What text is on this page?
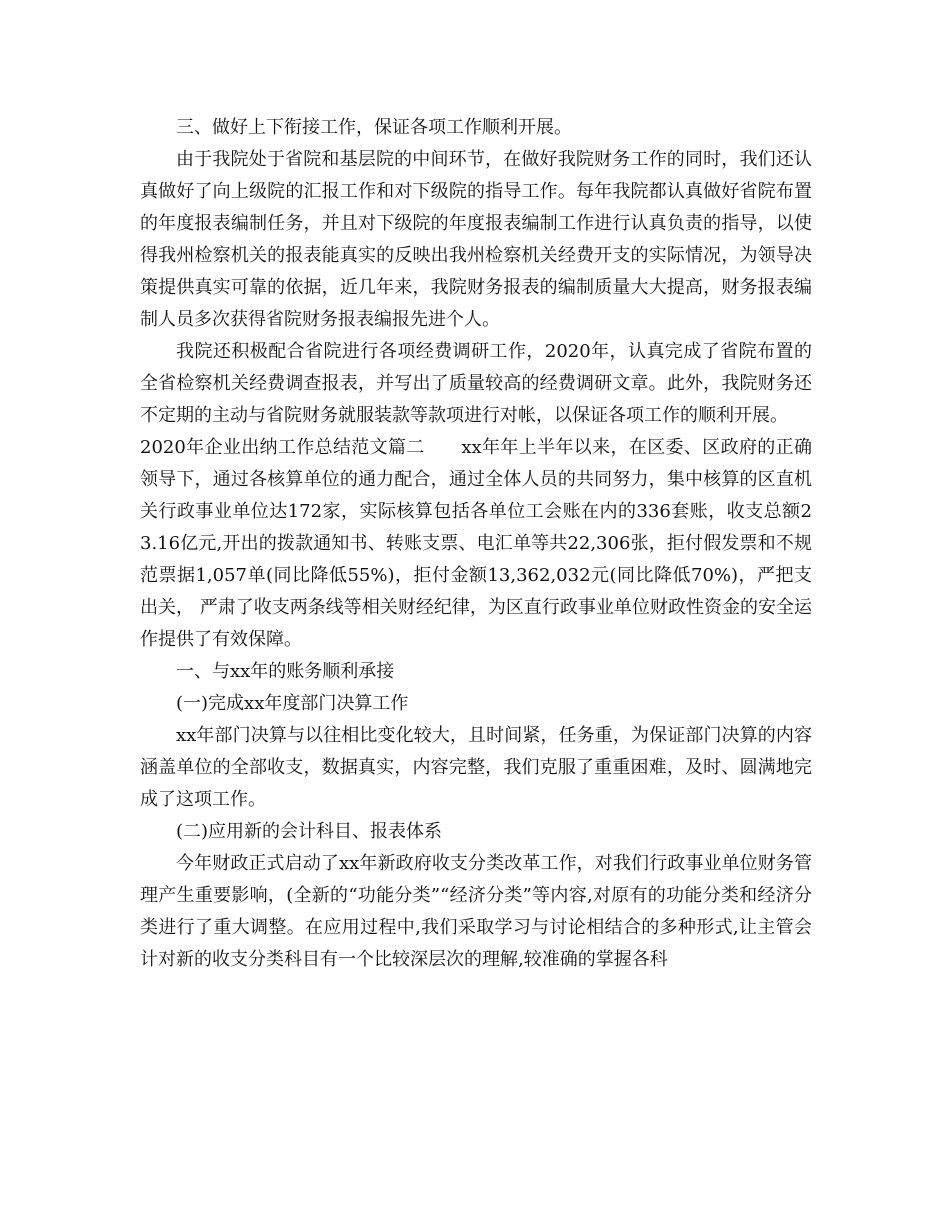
三、做好上下衔接工作，保证各项工作顺利开展。

由于我院处于省院和基层院的中间环节，在做好我院财务工作的同时，我们还认真做好了向上级院的汇报工作和对下级院的指导工作。每年我院都认真做好省院布置的年度报表编制任务，并且对下级院的年度报表编制工作进行认真负责的指导，以使得我州检察机关的报表能真实的反映出我州检察机关经费开支的实际情况，为领导决策提供真实可靠的依据，近几年来，我院财务报表的编制质量大大提高，财务报表编制人员多次获得省院财务报表编报先进个人。

我院还积极配合省院进行各项经费调研工作，2020年，认真完成了省院布置的全省检察机关经费调查报表，并写出了质量较高的经费调研文章。此外，我院财务还不定期的主动与省院财务就服装款等款项进行对帐，以保证各项工作的顺利开展。

2020年企业出纳工作总结范文篇二　　xx年年上半年以来，在区委、区政府的正确领导下，通过各核算单位的通力配合，通过全体人员的共同努力，集中核算的区直机关行政事业单位达172家，实际核算包括各单位工会账在内的336套账，收支总额23.16亿元,开出的拨款通知书、转账支票、电汇单等共22,306张，拒付假发票和不规范票据1,057单(同比降低55%)，拒付金额13,362,032元(同比降低70%)，严把支出关， 严肃了收支两条线等相关财经纪律，为区直行政事业单位财政性资金的安全运作提供了有效保障。

一、与xx年的账务顺利承接

(一)完成xx年度部门决算工作

xx年部门决算与以往相比变化较大，且时间紧，任务重，为保证部门决算的内容涵盖单位的全部收支，数据真实，内容完整，我们克服了重重困难，及时、圆满地完成了这项工作。

(二)应用新的会计科目、报表体系

今年财政正式启动了xx年新政府收支分类改革工作，对我们行政事业单位财务管理产生重要影响，(全新的“功能分类”“经济分类”等内容,对原有的功能分类和经济分类进行了重大调整。在应用过程中,我们采取学习与讨论相结合的多种形式,让主管会计对新的收支分类科目有一个比较深层次的理解,较准确的掌握各科
